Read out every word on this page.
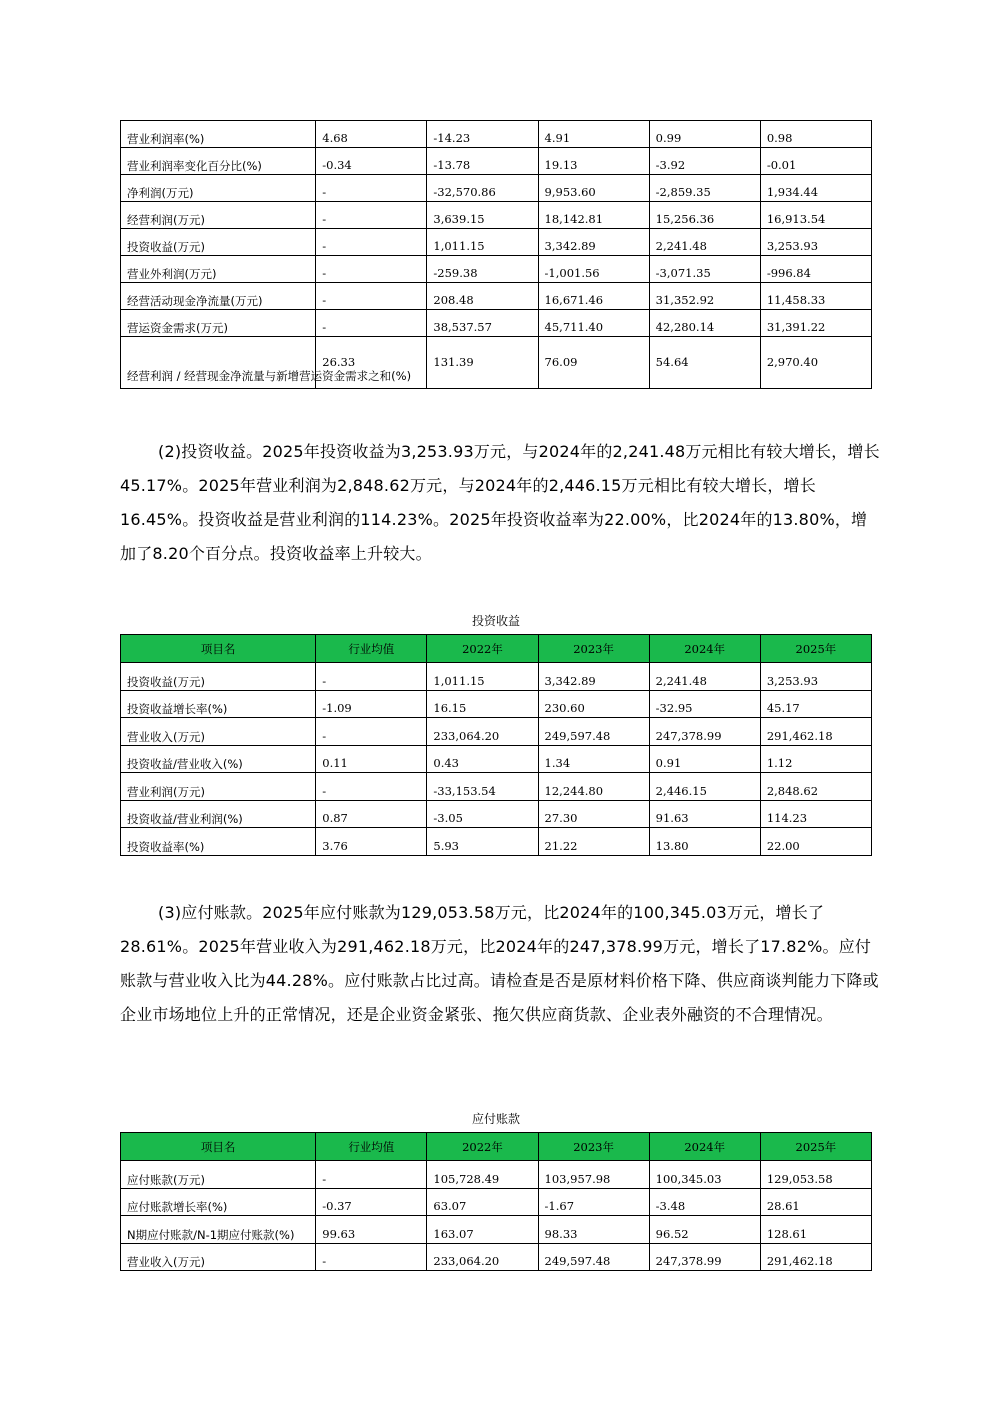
营业利润率(%)	4.68	-14.23	4.91	0.99	0.98
营业利润率变化百分比(%)	-0.34	-13.78	19.13	-3.92	-0.01
净利润(万元)	-	-32,570.86	9,953.60	-2,859.35	1,934.44
经营利润(万元)	-	3,639.15	18,142.81	15,256.36	16,913.54
投资收益(万元)	-	1,011.15	3,342.89	2,241.48	3,253.93
营业外利润(万元)	-	-259.38	-1,001.56	-3,071.35	-996.84
经营活动现金净流量(万元)	-	208.48	16,671.46	31,352.92	11,458.33
营运资金需求(万元)	-	38,537.57	45,711.40	42,280.14	31,391.22
经营利润 / 经营现金净流量与新增营运资金需求之和(%)	26.33	131.39	76.09	54.64	2,970.40

(2)投资收益。2025年投资收益为3,253.93万元，与2024年的2,241.48万元相比有较大增长，增长45.17%。2025年营业利润为2,848.62万元，与2024年的2,446.15万元相比有较大增长，增长16.45%。投资收益是营业利润的114.23%。2025年投资收益率为22.00%，比2024年的13.80%，增加了8.20个百分点。投资收益率上升较大。

投资收益
项目名	行业均值	2022年	2023年	2024年	2025年
投资收益(万元)	-	1,011.15	3,342.89	2,241.48	3,253.93
投资收益增长率(%)	-1.09	16.15	230.60	-32.95	45.17
营业收入(万元)	-	233,064.20	249,597.48	247,378.99	291,462.18
投资收益/营业收入(%)	0.11	0.43	1.34	0.91	1.12
营业利润(万元)	-	-33,153.54	12,244.80	2,446.15	2,848.62
投资收益/营业利润(%)	0.87	-3.05	27.30	91.63	114.23
投资收益率(%)	3.76	5.93	21.22	13.80	22.00

(3)应付账款。2025年应付账款为129,053.58万元，比2024年的100,345.03万元，增长了28.61%。2025年营业收入为291,462.18万元，比2024年的247,378.99万元，增长了17.82%。应付账款与营业收入比为44.28%。应付账款占比过高。请检查是否是原材料价格下降、供应商谈判能力下降或企业市场地位上升的正常情况，还是企业资金紧张、拖欠供应商货款、企业表外融资的不合理情况。

应付账款
项目名	行业均值	2022年	2023年	2024年	2025年
应付账款(万元)	-	105,728.49	103,957.98	100,345.03	129,053.58
应付账款增长率(%)	-0.37	63.07	-1.67	-3.48	28.61
N期应付账款/N-1期应付账款(%)	99.63	163.07	98.33	96.52	128.61
营业收入(万元)	-	233,064.20	249,597.48	247,378.99	291,462.18
